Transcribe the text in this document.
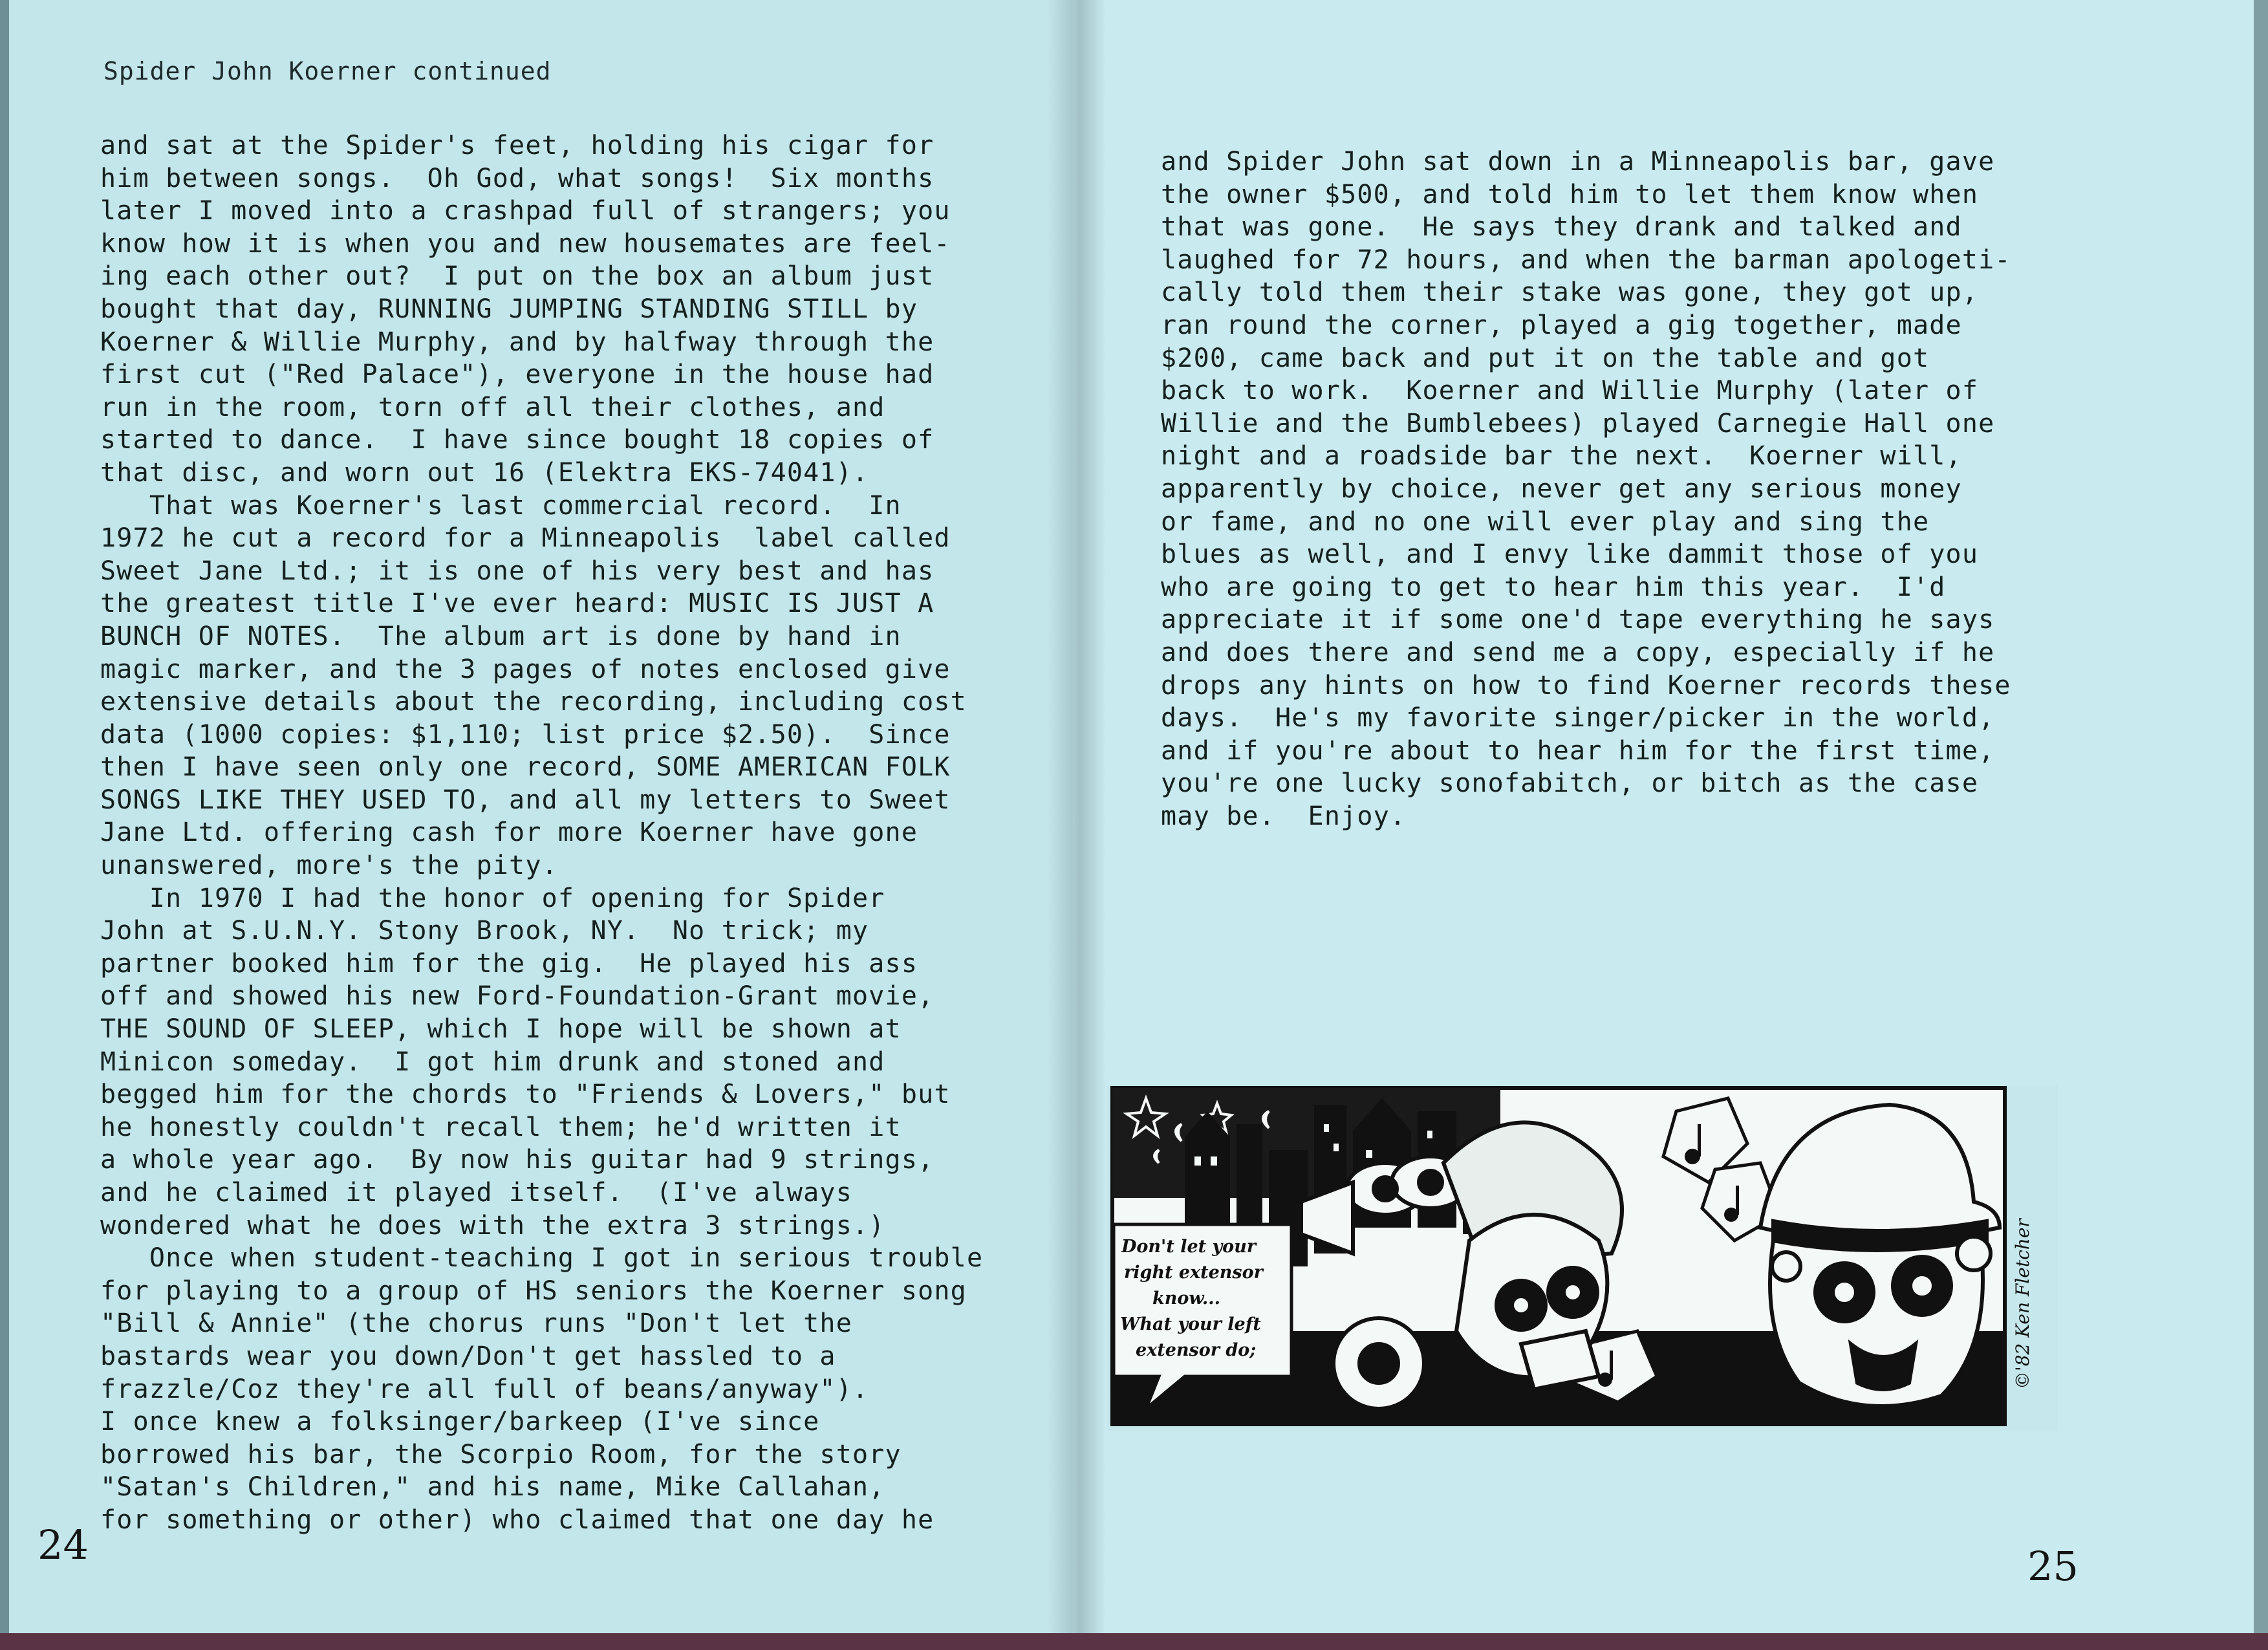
Spider John Koerner continued
and sat at the Spider's feet, holding his cigar for
him between songs.  Oh God, what songs!  Six months
later I moved into a crashpad full of strangers; you
know how it is when you and new housemates are feel-
ing each other out?  I put on the box an album just
bought that day, RUNNING JUMPING STANDING STILL by
Koerner & Willie Murphy, and by halfway through the
first cut ("Red Palace"), everyone in the house had
run in the room, torn off all their clothes, and
started to dance.  I have since bought 18 copies of
that disc, and worn out 16 (Elektra EKS-74041).
That was Koerner's last commercial record.  In
1972 he cut a record for a Minneapolis  label called
Sweet Jane Ltd.; it is one of his very best and has
the greatest title I've ever heard: MUSIC IS JUST A
BUNCH OF NOTES.  The album art is done by hand in
magic marker, and the 3 pages of notes enclosed give
extensive details about the recording, including cost
data (1000 copies: $1,110; list price $2.50).  Since
then I have seen only one record, SOME AMERICAN FOLK
SONGS LIKE THEY USED TO, and all my letters to Sweet
Jane Ltd. offering cash for more Koerner have gone
unanswered, more's the pity.
In 1970 I had the honor of opening for Spider
John at S.U.N.Y. Stony Brook, NY.  No trick; my
partner booked him for the gig.  He played his ass
off and showed his new Ford-Foundation-Grant movie,
THE SOUND OF SLEEP, which I hope will be shown at
Minicon someday.  I got him drunk and stoned and
begged him for the chords to "Friends & Lovers," but
he honestly couldn't recall them; he'd written it
a whole year ago.  By now his guitar had 9 strings,
and he claimed it played itself.  (I've always
wondered what he does with the extra 3 strings.)
Once when student-teaching I got in serious trouble
for playing to a group of HS seniors the Koerner song
"Bill & Annie" (the chorus runs "Don't let the
bastards wear you down/Don't get hassled to a
frazzle/Coz they're all full of beans/anyway").
I once knew a folksinger/barkeep (I've since
borrowed his bar, the Scorpio Room, for the story
"Satan's Children," and his name, Mike Callahan,
for something or other) who claimed that one day he
24
and Spider John sat down in a Minneapolis bar, gave
the owner $500, and told him to let them know when
that was gone.  He says they drank and talked and
laughed for 72 hours, and when the barman apologeti-
cally told them their stake was gone, they got up,
ran round the corner, played a gig together, made
$200, came back and put it on the table and got
back to work.  Koerner and Willie Murphy (later of
Willie and the Bumblebees) played Carnegie Hall one
night and a roadside bar the next.  Koerner will,
apparently by choice, never get any serious money
or fame, and no one will ever play and sing the
blues as well, and I envy like dammit those of you
who are going to get to hear him this year.  I'd
appreciate it if some one'd tape everything he says
and does there and send me a copy, especially if he
drops any hints on how to find Koerner records these
days.  He's my favorite singer/picker in the world,
and if you're about to hear him for the first time,
you're one lucky sonofabitch, or bitch as the case
may be.  Enjoy.
25
Don't let your
right extensor
know...
What your left
extensor do;	©'82 Ken Fletcher
